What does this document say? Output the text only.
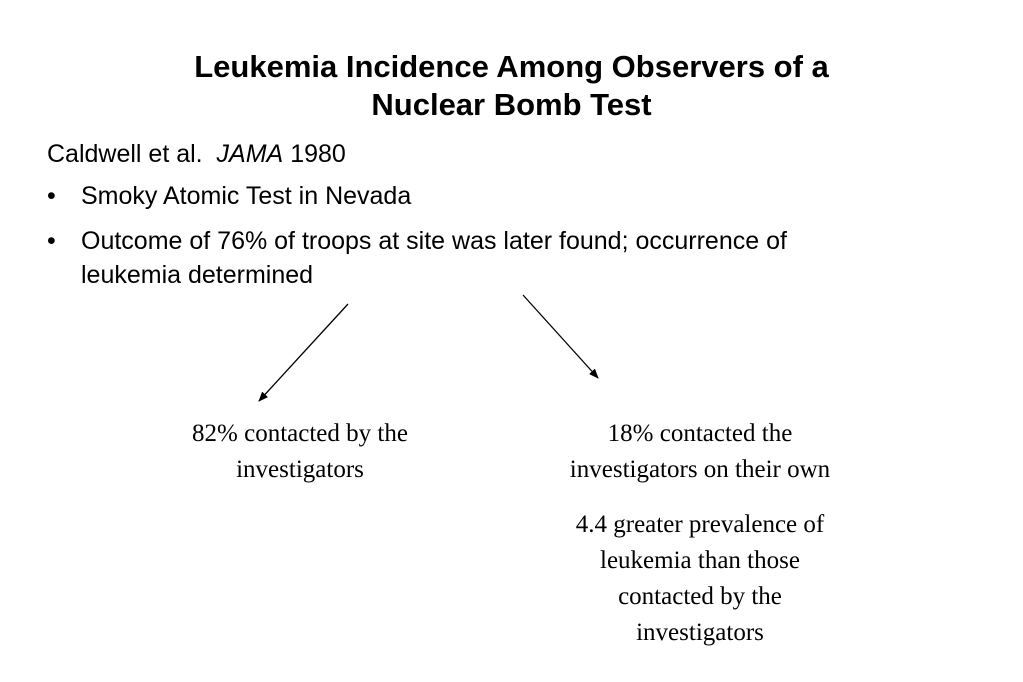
Leukemia Incidence Among Observers of a
Nuclear Bomb Test
Caldwell et al. JAMA 1980
• Smoky Atomic Test in Nevada
• Outcome of 76% of troops at site was later found; occurrence of
leukemia determined
82% contacted by the
investigators
18% contacted the
investigators on their own
4.4 greater prevalence of
leukemia than those
contacted by the
investigators
